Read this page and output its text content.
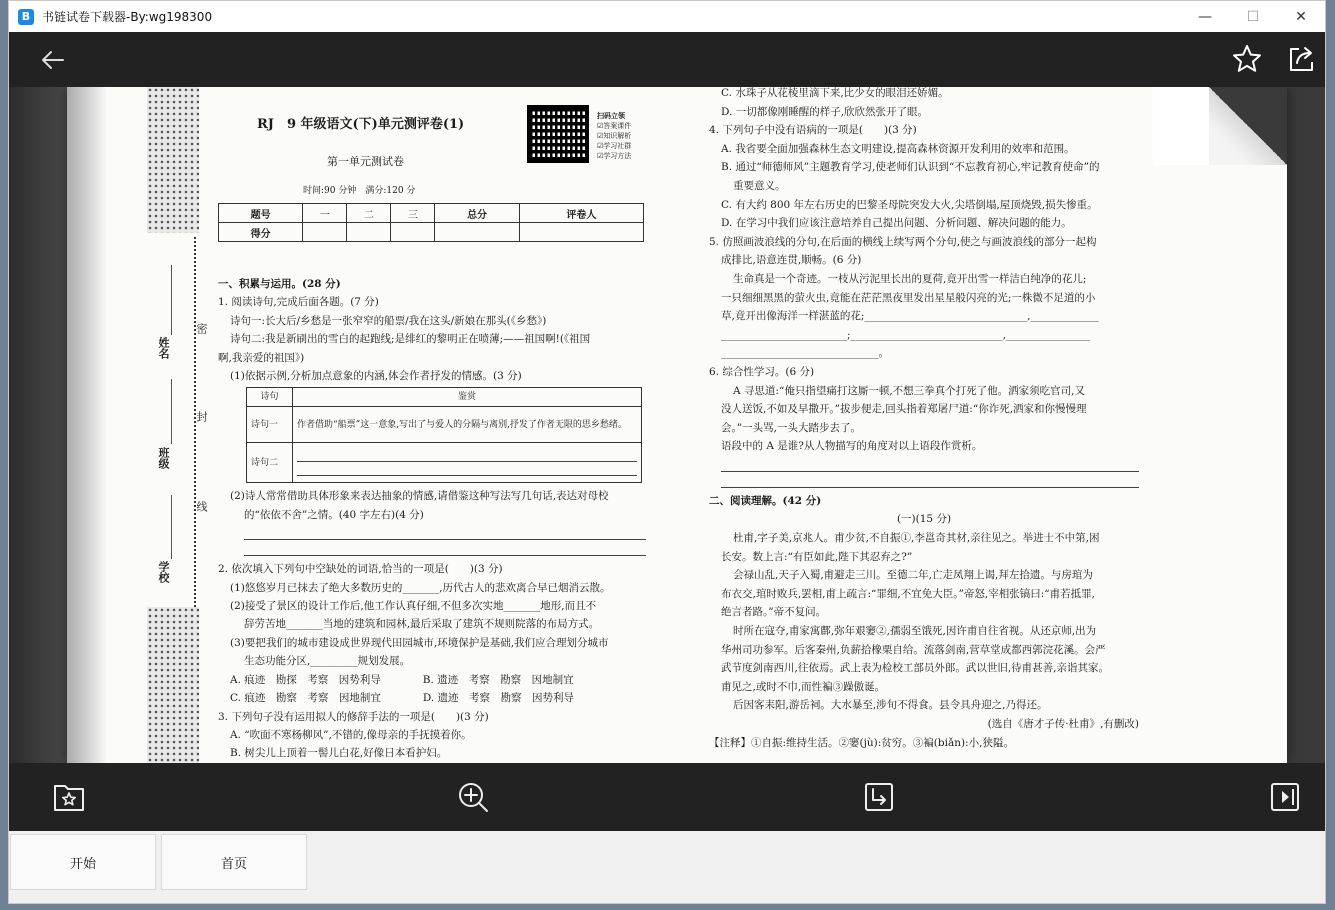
B 书链试卷下载器-By:wg198300	—	☐	✕
姓名
班级
学校
密
封
线
RJ　9 年级语文(下)单元测评卷(1)
第一单元测试卷
时间:90 分钟　满分:120 分
扫码立领
☑答案课件
☑知识解析
☑学习社群
☑学习方法
题号	一	二	三	总分	评卷人
得分					

一、积累与运用。(28 分)

1. 阅读诗句,完成后面各题。(7 分)

诗句一:长大后/乡愁是一张窄窄的船票/我在这头/新娘在那头(《乡愁》)

诗句二:我是新刷出的雪白的起跑线;是绯红的黎明正在喷薄;——祖国啊!(《祖国

啊,我亲爱的祖国》)

(1)依据示例,分析加点意象的内涵,体会作者抒发的情感。(3 分)

诗句	鉴赏
诗句一	作者借助“船票”这一意象,写出了与爱人的分隔与离别,抒发了作者无限的思乡愁绪。
诗句二	

(2)诗人常常借助具体形象来表达抽象的情感,请借鉴这种写法写几句话,表达对母校

的“依依不舍”之情。(40 字左右)(4 分)

2. 依次填入下列句中空缺处的词语,恰当的一项是(　　)(3 分)

(1)悠悠岁月已抹去了绝大多数历史的_______,历代古人的悲欢离合早已烟消云散。

(2)接受了景区的设计工作后,他工作认真仔细,不但多次实地_______地形,而且不

辞劳苦地_______当地的建筑和园林,最后采取了建筑不规则院落的布局方式。

(3)要把我们的城市建设成世界现代田园城市,环境保护是基础,我们应合理划分城市

生态功能分区,_________规划发展。

A. 痕迹　勘探　考察　因势利导　　　　B. 遗迹　考察　勘察　因地制宜

C. 痕迹　勘察　考察　因地制宜　　　　D. 遗迹　考察　勘察　因势利导

3. 下列句子没有运用拟人的修辞手法的一项是(　　)(3 分)

A. “吹面不寒杨柳风”,不错的,像母亲的手抚摸着你。

B. 树尖儿上顶着一髻儿白花,好像日本看护妇。

C. 水珠子从花棱里滴下来,比少女的眼泪还娇媚。

D. 一切都像刚睡醒的样子,欣欣然张开了眼。

4. 下列句子中没有语病的一项是(　　)(3 分)

A. 我省要全面加强森林生态文明建设,提高森林资源开发利用的效率和范围。

B. 通过“师德师风”主题教育学习,使老师们认识到“不忘教育初心,牢记教育使命”的

重要意义。

C. 有大约 800 年左右历史的巴黎圣母院突发大火,尖塔倒塌,屋顶烧毁,损失惨重。

D. 在学习中我们应该注意培养自己提出问题、分析问题、解决问题的能力。

5. 仿照画波浪线的分句,在后面的横线上续写两个分句,使之与画波浪线的部分一起构

成排比,语意连贯,顺畅。(6 分)

生命真是一个奇迹。一枝从污泥里长出的夏荷,竟开出雪一样洁白纯净的花儿;

一只细细黑黑的萤火虫,竟能在茫茫黑夜里发出星星般闪亮的光;一株微不足道的小

草,竟开出像海洋一样湛蓝的花;_______________________________,_____________

________________________;_____________________________,________________

______________________________。

6. 综合性学习。(6 分)

A 寻思道:“俺只指望痛打这厮一顿,不想三拳真个打死了他。洒家须吃官司,又

没人送饭,不如及早撒开。”拔步便走,回头指着郑屠尸道:“你诈死,洒家和你慢慢理

会。”一头骂,一头大踏步去了。

语段中的 A 是谁?从人物描写的角度对以上语段作赏析。

二、阅读理解。(42 分)

(一)(15 分)

杜甫,字子美,京兆人。甫少贫,不自振①,李邕奇其材,亲往见之。举进士不中第,困

长安。数上言:“有臣如此,陛下其忍弃之?”

会禄山乱,天子入蜀,甫避走三川。至德二年,亡走凤翔上谒,拜左拾遗。与房琯为

布衣交,琯时败兵,罢相,甫上疏言:“罪细,不宜免大臣。”帝怒,宰相张镐曰:“甫若抵罪,

绝言者路。”帝不复问。

时所在寇夺,甫家寓鄜,弥年艰窭②,孺弱至饿死,因许甫自往省视。从还京师,出为

华州司功参军。后客秦州,负薪拾橡栗自给。流落剑南,营草堂成都西郭浣花溪。会严

武节度剑南西川,往依焉。武上表为检校工部员外郎。武以世旧,待甫甚善,亲诣其家。

甫见之,或时不巾,而性褊③躁傲诞。

后因客耒阳,游岳祠。大水暴至,涉旬不得食。县令具舟迎之,乃得还。

(选自《唐才子传·杜甫》,有删改)

【注释】①自振:维持生活。②窭(jù):贫穷。③褊(biǎn):小,狭隘。

开始	首页
